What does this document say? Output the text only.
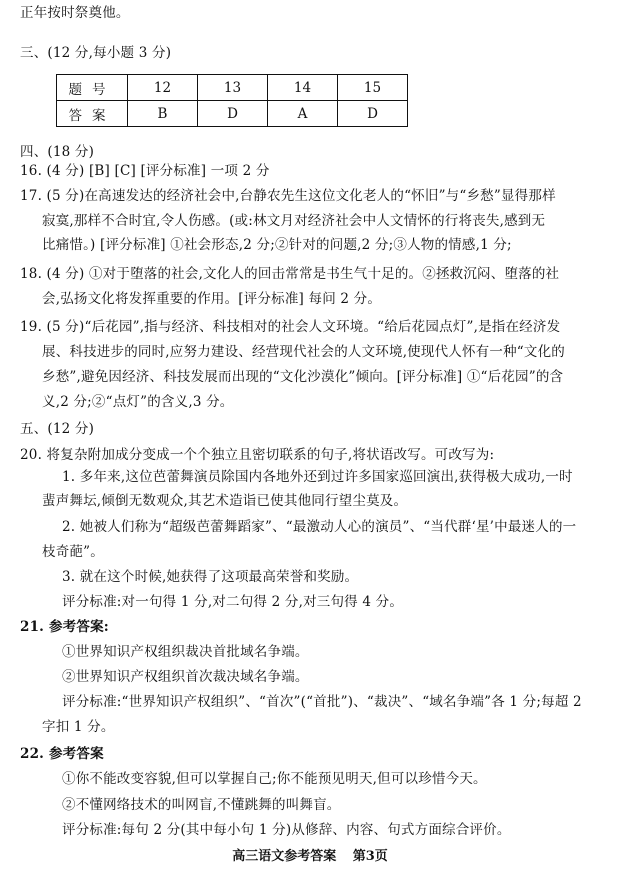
正年按时祭奠他。
三、(12 分,每小题 3 分)
题号	12	13	14	15
答案	B	D	A	D
四、(18 分)
16. (4 分) [B] [C] [评分标准] 一项 2 分
17. (5 分)在高速发达的经济社会中,台静农先生这位文化老人的“怀旧”与“乡愁”显得那样
寂寞,那样不合时宜,令人伤感。(或:林文月对经济社会中人文情怀的行将丧失,感到无
比痛惜。) [评分标准] ①社会形态,2 分;②针对的问题,2 分;③人物的情感,1 分;
18. (4 分) ①对于堕落的社会,文化人的回击常常是书生气十足的。②拯救沉闷、堕落的社
会,弘扬文化将发挥重要的作用。[评分标准] 每问 2 分。
19. (5 分)“后花园”,指与经济、科技相对的社会人文环境。“给后花园点灯”,是指在经济发
展、科技进步的同时,应努力建设、经营现代社会的人文环境,使现代人怀有一种“文化的
乡愁”,避免因经济、科技发展而出现的“文化沙漠化”倾向。[评分标准] ①“后花园”的含
义,2 分;②“点灯”的含义,3 分。
五、(12 分)
20. 将复杂附加成分变成一个个独立且密切联系的句子,将状语改写。可改写为:
1. 多年来,这位芭蕾舞演员除国内各地外还到过许多国家巡回演出,获得极大成功,一时
蜚声舞坛,倾倒无数观众,其艺术造诣已使其他同行望尘莫及。
2. 她被人们称为“超级芭蕾舞蹈家”、“最激动人心的演员”、“当代群‘星’中最迷人的一
枝奇葩”。
3. 就在这个时候,她获得了这项最高荣誉和奖励。
评分标准:对一句得 1 分,对二句得 2 分,对三句得 4 分。
21. 参考答案:
①世界知识产权组织裁决首批域名争端。
②世界知识产权组织首次裁决域名争端。
评分标准:“世界知识产权组织”、“首次”(“首批”)、“裁决”、“域名争端”各 1 分;每超 2
字扣 1 分。
22. 参考答案
①你不能改变容貌,但可以掌握自己;你不能预见明天,但可以珍惜今天。
②不懂网络技术的叫网盲,不懂跳舞的叫舞盲。
评分标准:每句 2 分(其中每小句 1 分)从修辞、内容、句式方面综合评价。
高三语文参考答案 第3页
